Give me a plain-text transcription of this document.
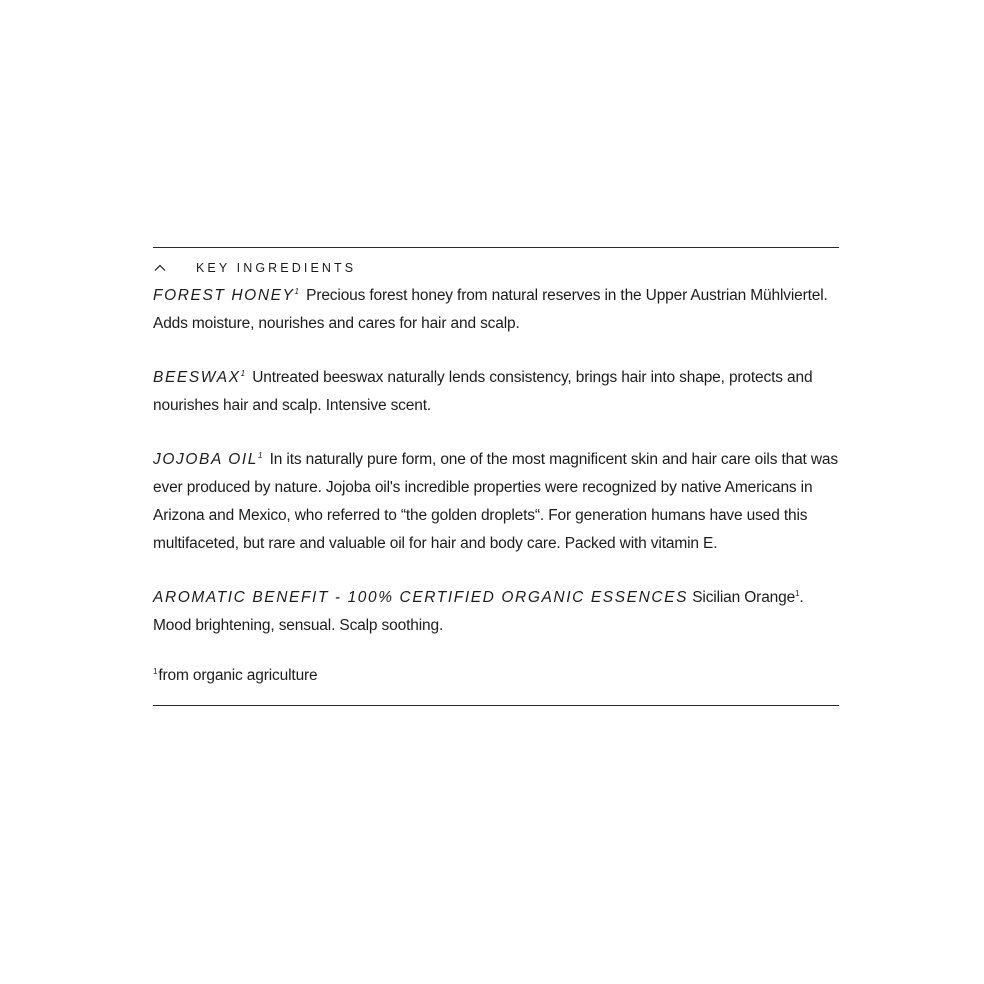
KEY INGREDIENTS

FOREST HONEY$^1$ Precious forest honey from natural reserves in the Upper Austrian Mühlviertel. Adds moisture, nourishes and cares for hair and scalp.

BEESWAX$^1$ Untreated beeswax naturally lends consistency, brings hair into shape, protects and nourishes hair and scalp. Intensive scent.

JOJOBA OIL$^1$ In its naturally pure form, one of the most magnificent skin and hair care oils that was ever produced by nature. Jojoba oil's incredible properties were recognized by native Americans in Arizona and Mexico, who referred to “the golden droplets“. For generation humans have used this multifaceted, but rare and valuable oil for hair and body care. Packed with vitamin E.

AROMATIC BENEFIT - 100% CERTIFIED ORGANIC ESSENCES Sicilian Orange$^1$. Mood brightening, sensual. Scalp soothing.

$^1$from organic agriculture
